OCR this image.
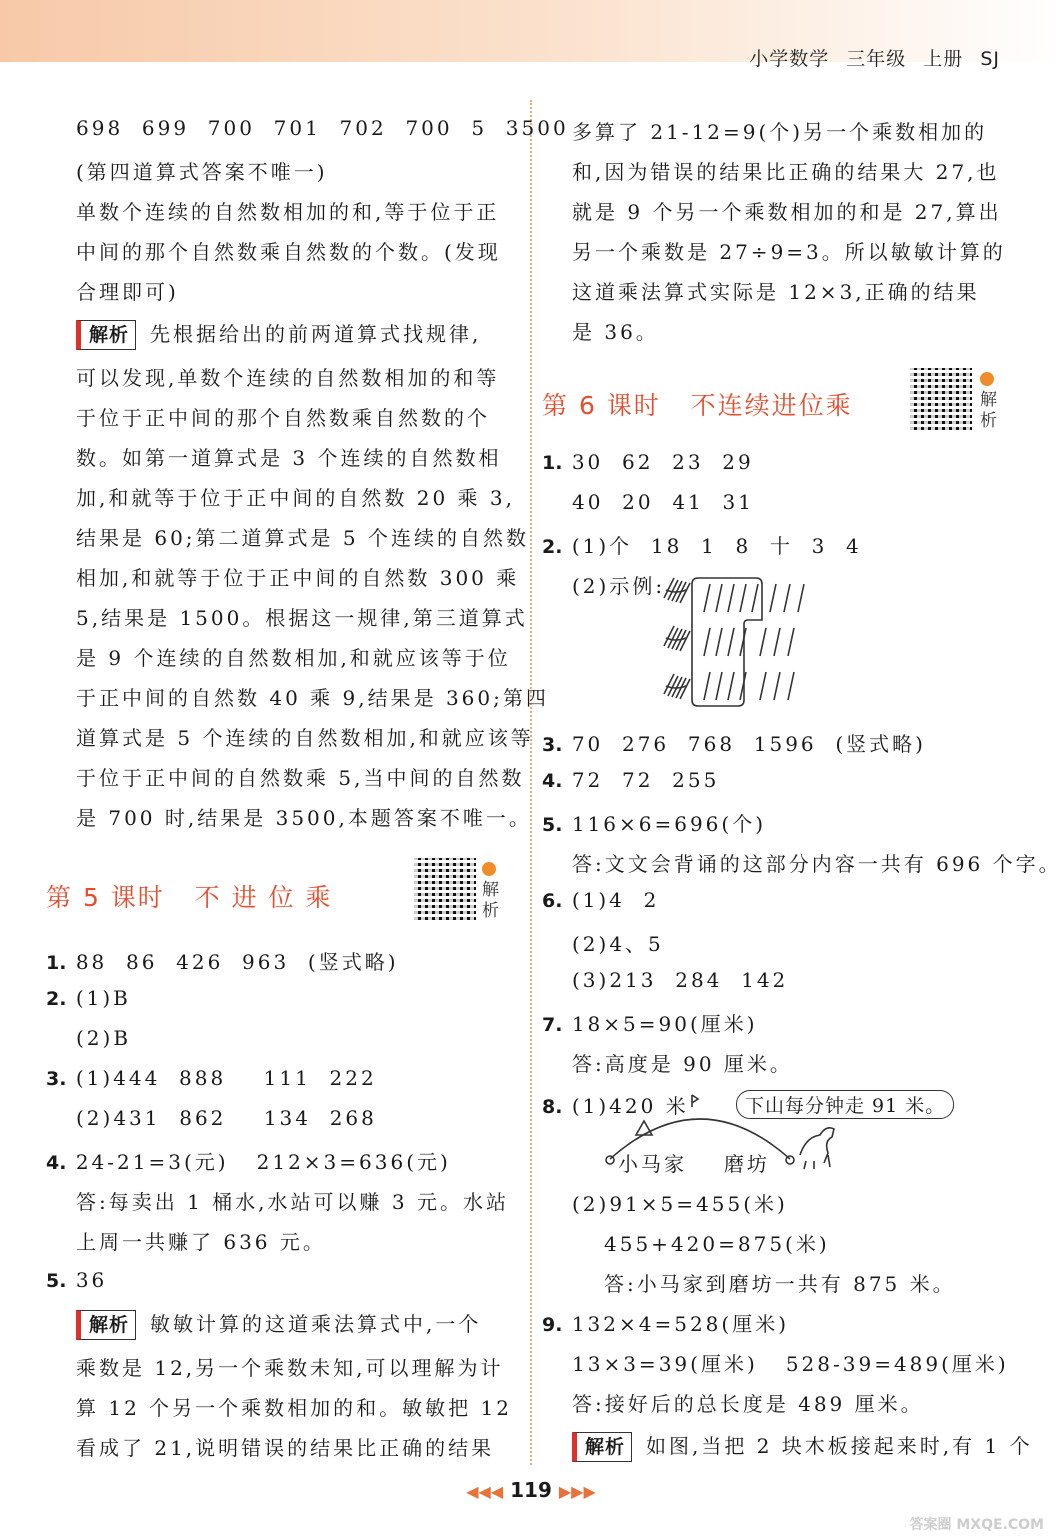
小学数学 三年级 上册 SJ
698  699  700  701  702  700  5  3500
(第四道算式答案不唯一)
单数个连续的自然数相加的和,等于位于正
中间的那个自然数乘自然数的个数。(发现
合理即可)
解析 先根据给出的前两道算式找规律,
可以发现,单数个连续的自然数相加的和等
于位于正中间的那个自然数乘自然数的个
数。如第一道算式是 3 个连续的自然数相
加,和就等于位于正中间的自然数 20 乘 3,
结果是 60;第二道算式是 5 个连续的自然数
相加,和就等于位于正中间的自然数 300 乘
5,结果是 1500。根据这一规律,第三道算式
是 9 个连续的自然数相加,和就应该等于位
于正中间的自然数 40 乘 9,结果是 360;第四
道算式是 5 个连续的自然数相加,和就应该等
于位于正中间的自然数乘 5,当中间的自然数
是 700 时,结果是 3500,本题答案不唯一。
第 5 课时   不 进 位 乘	解析
1. 88  86  426  963  (竖式略)
2. (1)B
(2)B
3. (1)444  888    111  222
(2)431  862    134  268
4. 24-21=3(元)   212×3=636(元)
答:每卖出 1 桶水,水站可以赚 3 元。水站
上周一共赚了 636 元。
5. 36
解析 敏敏计算的这道乘法算式中,一个
乘数是 12,另一个乘数未知,可以理解为计
算 12 个另一个乘数相加的和。敏敏把 12
看成了 21,说明错误的结果比正确的结果
多算了 21-12=9(个)另一个乘数相加的
和,因为错误的结果比正确的结果大 27,也
就是 9 个另一个乘数相加的和是 27,算出
另一个乘数是 27÷9=3。所以敏敏计算的
这道乘法算式实际是 12×3,正确的结果
是 36。
第 6 课时   不连续进位乘	解析
1. 30  62  23  29
40  20  41  31
2. (1)个  18  1  8  十  3  4
(2)示例:
3. 70  276  768  1596  (竖式略)
4. 72  72  255
5. 116×6=696(个)
答:文文会背诵的这部分内容一共有 696 个字。
6. (1)4  2
(2)4、5
(3)213  284  142
7. 18×5=90(厘米)
答:高度是 90 厘米。
8. (1)420 米	下山每分钟走 91 米。
小马家 磨坊
(2)91×5=455(米)
455+420=875(米)
答:小马家到磨坊一共有 875 米。
9. 132×4=528(厘米)
13×3=39(厘米)   528-39=489(厘米)
答:接好后的总长度是 489 厘米。
解析 如图,当把 2 块木板接起来时,有 1 个
◀◀◀ 119 ▶▶▶
答案圈 MXQE.COM
